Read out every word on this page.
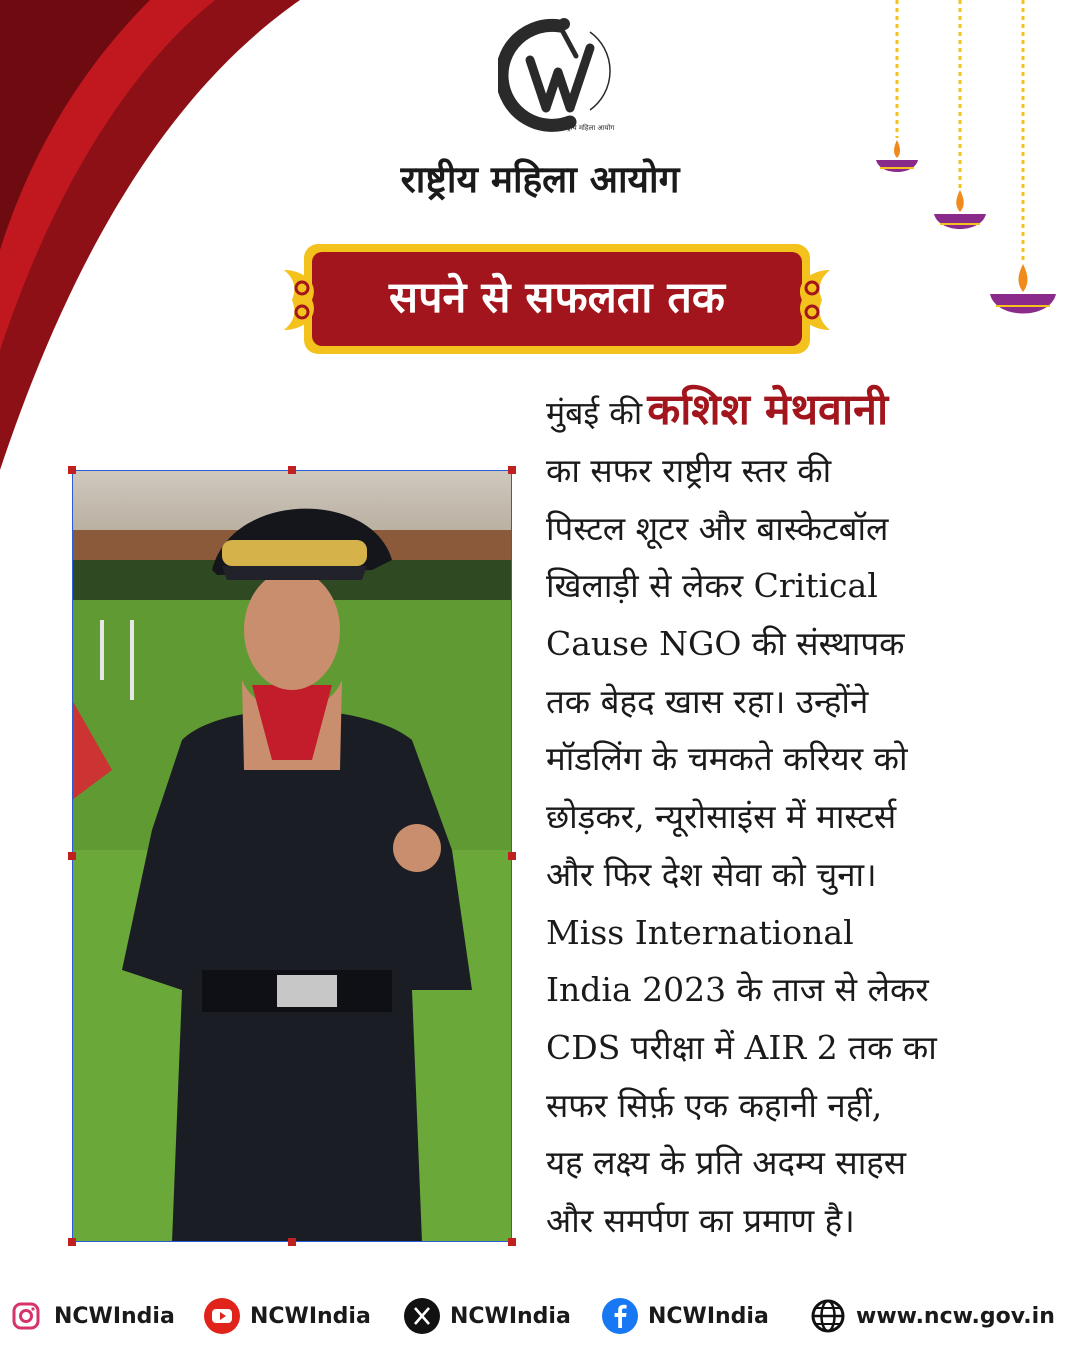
राष्ट्रीय महिला आयोग
राष्ट्रीय महिला आयोग
सपने से सफलता तक
मुंबई की कशिश मेथवानी
का सफर राष्ट्रीय स्तर की
पिस्टल शूटर और बास्केटबॉल
खिलाड़ी से लेकर Critical
Cause NGO की संस्थापक
तक बेहद खास रहा। उन्होंने
मॉडलिंग के चमकते करियर को
छोड़कर, न्यूरोसाइंस में मास्टर्स
और फिर देश सेवा को चुना।
Miss International
India 2023 के ताज से लेकर
CDS परीक्षा में AIR 2 तक का
सफर सिर्फ़ एक कहानी नहीं,
यह लक्ष्य के प्रति अदम्य साहस
और समर्पण का प्रमाण है।
NCWIndia	NCWIndia	NCWIndia	NCWIndia	www.ncw.gov.in
